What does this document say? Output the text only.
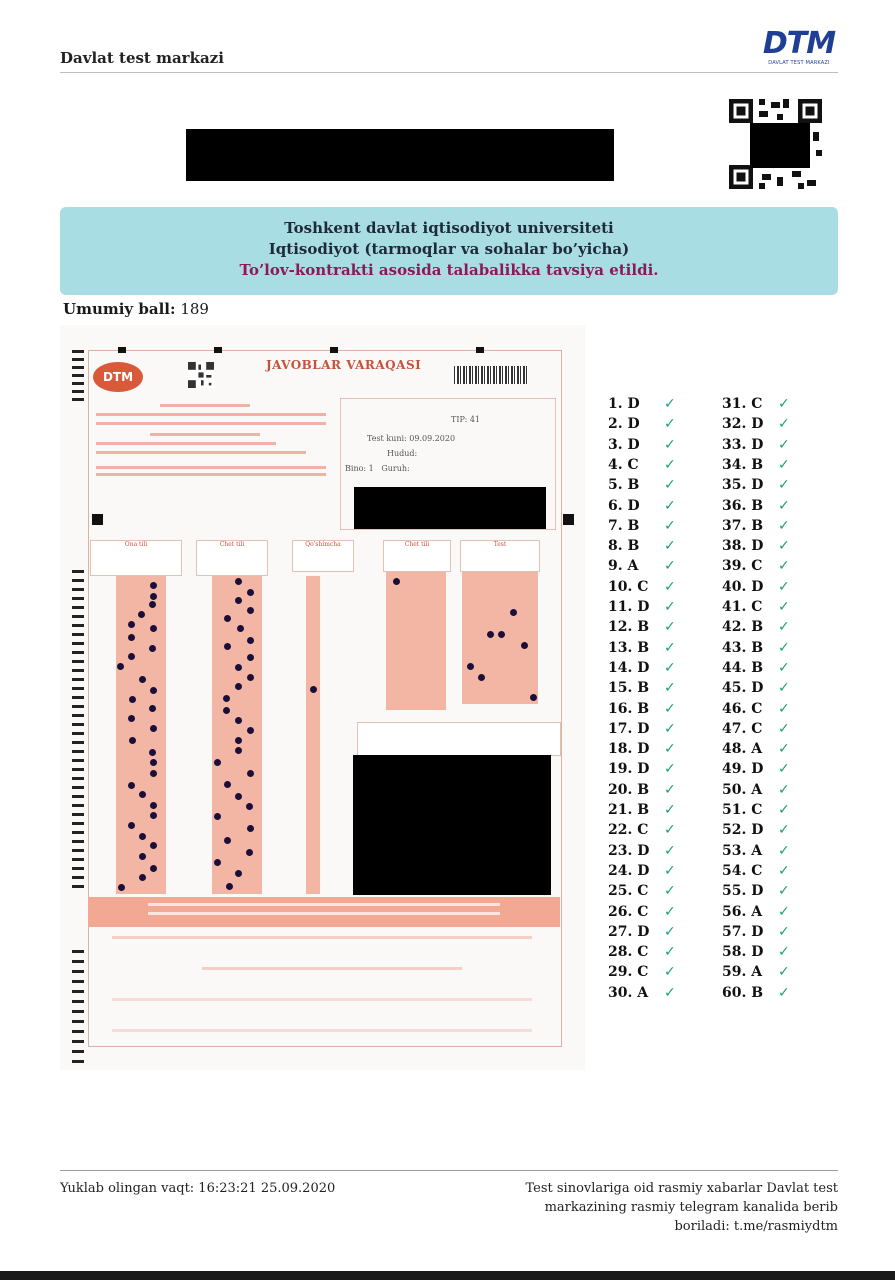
Davlat test markazi	DTM
DAVLAT TEST MARKAZI
Toshkent davlat iqtisodiyot universiteti
Iqtisodiyot (tarmoqlar va sohalar bo’yicha)
To’lov-kontrakti asosida talabalikka tavsiya etildi.
Umumiy ball: 189
DTM
JAVOBLAR VARAQASI
TIP: 41
Test kuni: 09.09.2020
Hudud:
Bino: 1 Guruh:
Ona tili	Chet tili	Qo'shimcha	Chet tili	Test
1. D ✓
2. D ✓
3. D ✓
4. C ✓
5. B ✓
6. D ✓
7. B ✓
8. B ✓
9. A ✓
10. C ✓
11. D ✓
12. B ✓
13. B ✓
14. D ✓
15. B ✓
16. B ✓
17. D ✓
18. D ✓
19. D ✓
20. B ✓
21. B ✓
22. C ✓
23. D ✓
24. D ✓
25. C ✓
26. C ✓
27. D ✓
28. C ✓
29. C ✓
30. A ✓
31. C ✓
32. D ✓
33. D ✓
34. B ✓
35. D ✓
36. B ✓
37. B ✓
38. D ✓
39. C ✓
40. D ✓
41. C ✓
42. B ✓
43. B ✓
44. B ✓
45. D ✓
46. C ✓
47. C ✓
48. A ✓
49. D ✓
50. A ✓
51. C ✓
52. D ✓
53. A ✓
54. C ✓
55. D ✓
56. A ✓
57. D ✓
58. D ✓
59. A ✓
60. B ✓
Yuklab olingan vaqt: 16:23:21 25.09.2020	Test sinovlariga oid rasmiy xabarlar Davlat test
markazining rasmiy telegram kanalida berib
boriladi: t.me/rasmiydtm
